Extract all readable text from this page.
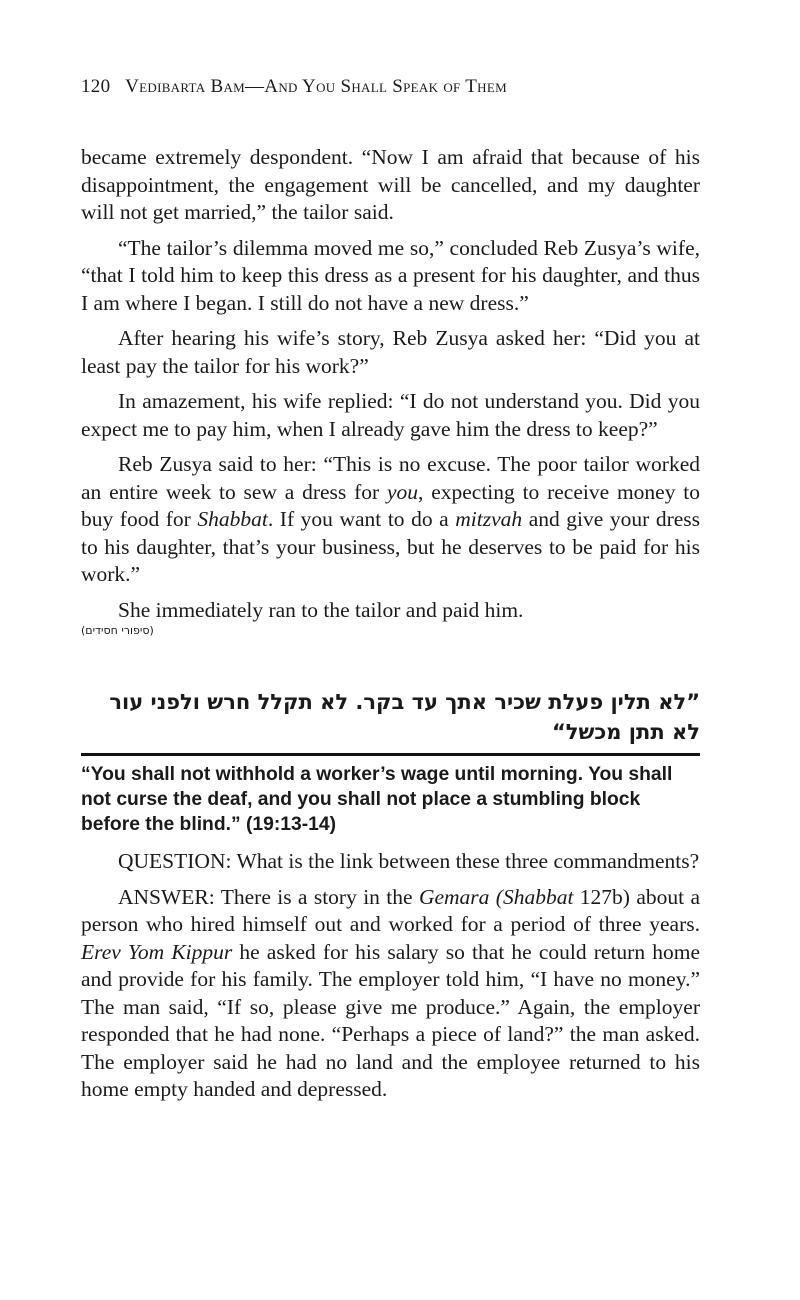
120 Vedibarta Bam—And You Shall Speak of Them

became extremely despondent. “Now I am afraid that because of his disappointment, the engagement will be cancelled, and my daughter will not get married,” the tailor said.

“The tailor’s dilemma moved me so,” concluded Reb Zusya’s wife, “that I told him to keep this dress as a present for his daughter, and thus I am where I began. I still do not have a new dress.”

After hearing his wife’s story, Reb Zusya asked her: “Did you at least pay the tailor for his work?”

In amazement, his wife replied: “I do not understand you. Did you expect me to pay him, when I already gave him the dress to keep?”

Reb Zusya said to her: “This is no excuse. The poor tailor worked an entire week to sew a dress for you, expecting to receive money to buy food for Shabbat. If you want to do a mitzvah and give your dress to his daughter, that’s your business, but he deserves to be paid for his work.”

She immediately ran to the tailor and paid him.

(סיפורי חסידים)
”לא תלין פעלת שכיר אתך עד בקר. לא תקלל חרש ולפני עור לא תתן מכשל“
“You shall not withhold a worker’s wage until morning. You shall not curse the deaf, and you shall not place a stumbling block before the blind.” (19:13-14)

QUESTION: What is the link between these three commandments?

ANSWER: There is a story in the Gemara (Shabbat 127b) about a person who hired himself out and worked for a period of three years. Erev Yom Kippur he asked for his salary so that he could return home and provide for his family. The employer told him, “I have no money.” The man said, “If so, please give me produce.” Again, the employer responded that he had none. “Perhaps a piece of land?” the man asked. The employer said he had no land and the employee returned to his home empty handed and depressed.
